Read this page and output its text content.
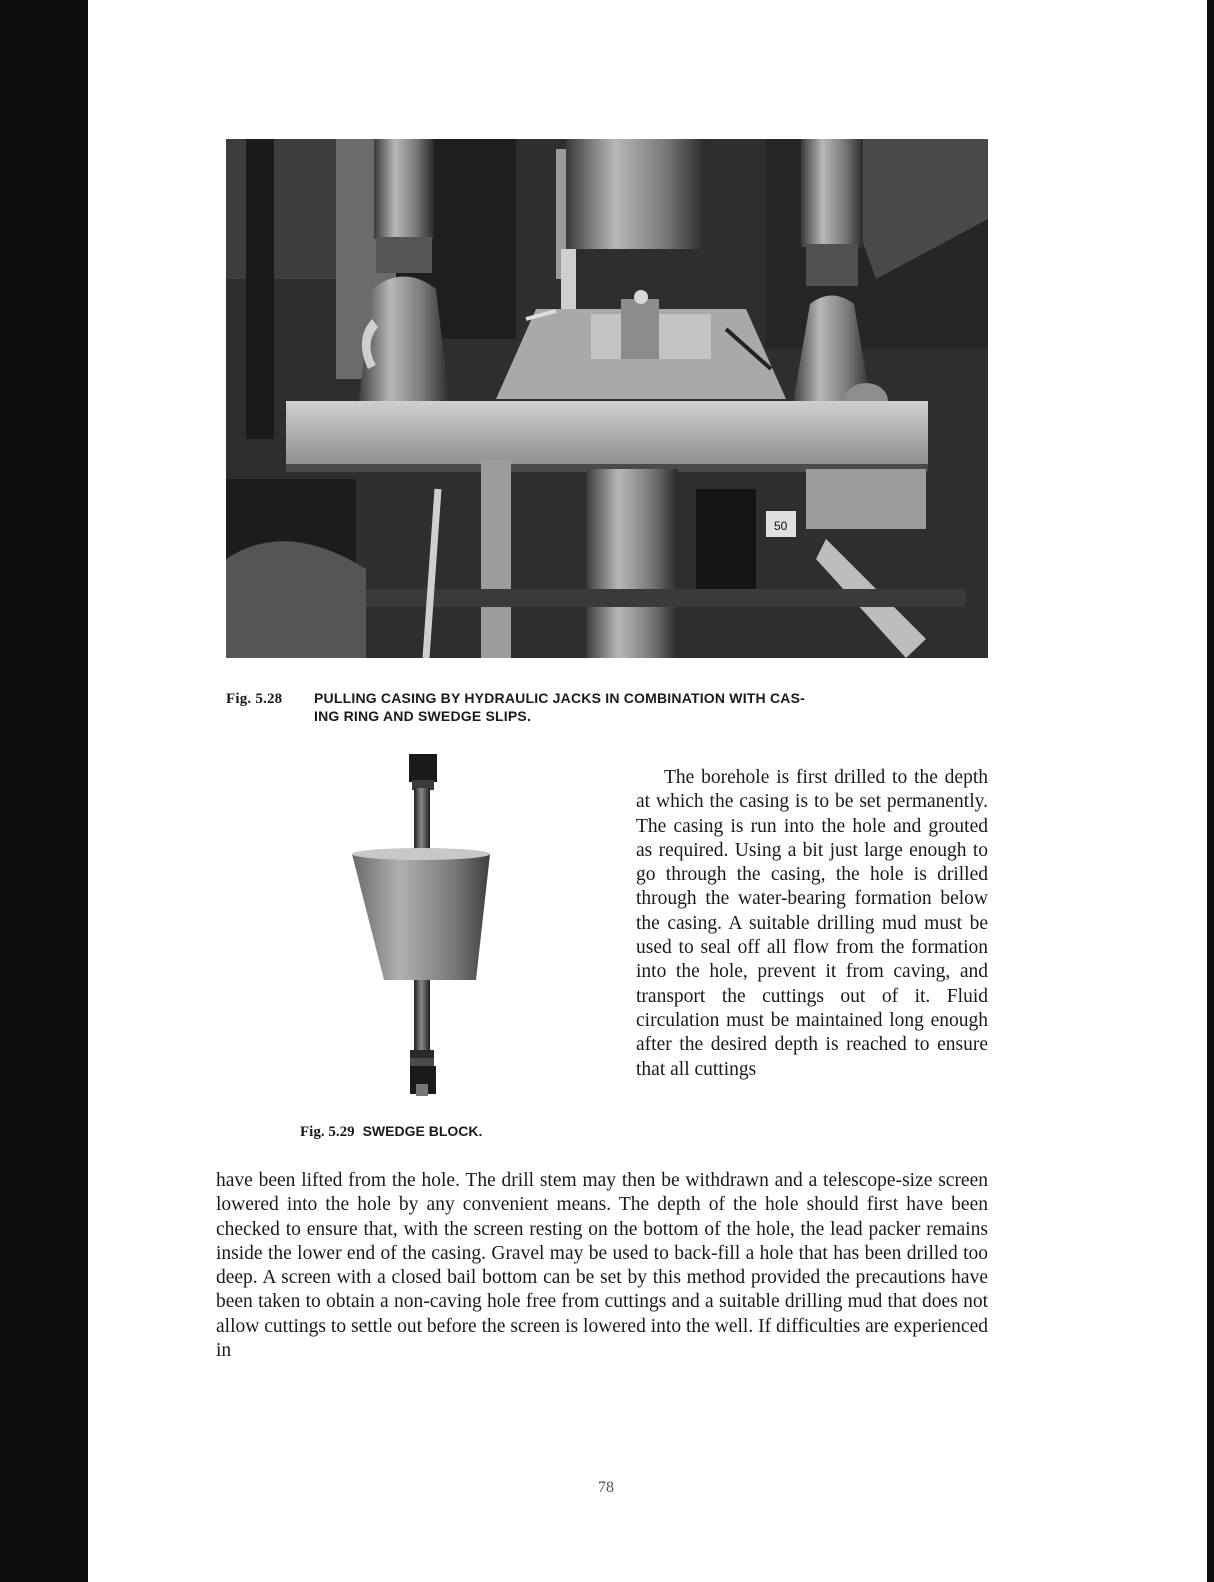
50
Fig. 5.28 PULLING CASING BY HYDRAULIC JACKS IN COMBINATION WITH CAS-
ING RING AND SWEDGE SLIPS.
Fig. 5.29 SWEDGE BLOCK.
The borehole is first drilled to the depth at which the casing is to be set permanently. The casing is run into the hole and grouted as required. Using a bit just large enough to go through the casing, the hole is drilled through the water-bearing formation below the casing. A suitable drilling mud must be used to seal off all flow from the formation into the hole, prevent it from caving, and transport the cuttings out of it. Fluid circulation must be maintained long enough after the desired depth is reached to ensure that all cuttings
have been lifted from the hole. The drill stem may then be withdrawn and a telescope-size screen lowered into the hole by any convenient means. The depth of the hole should first have been checked to ensure that, with the screen resting on the bottom of the hole, the lead packer remains inside the lower end of the casing. Gravel may be used to back-fill a hole that has been drilled too deep. A screen with a closed bail bottom can be set by this method provided the precautions have been taken to obtain a non-caving hole free from cuttings and a suitable drilling mud that does not allow cuttings to settle out before the screen is lowered into the well. If difficulties are experienced in
78
